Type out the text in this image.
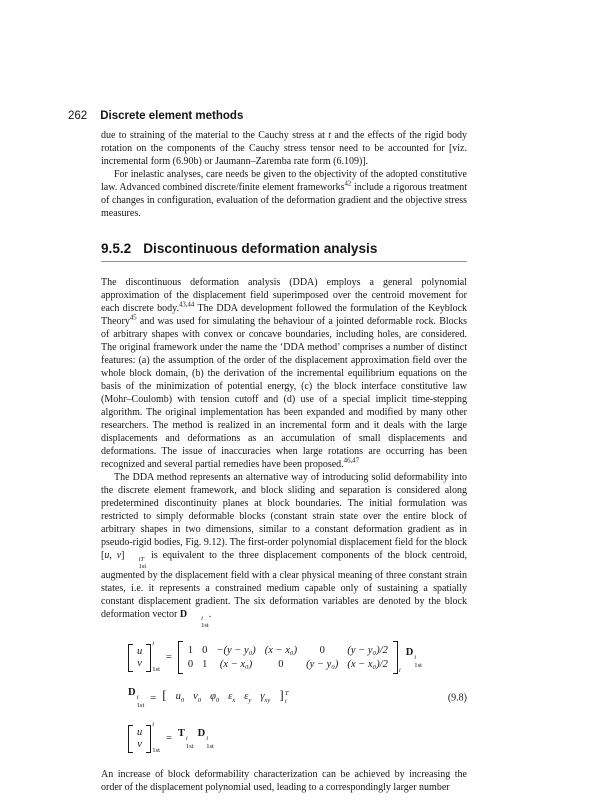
262 Discrete element methods

due to straining of the material to the Cauchy stress at t and the effects of the rigid body rotation on the components of the Cauchy stress tensor need to be accounted for [viz. incremental form (6.90b) or Jaumann–Zaremba rate form (6.109)].

For inelastic analyses, care needs be given to the objectivity of the adopted constitutive law. Advanced combined discrete/finite element frameworks$^{42}$ include a rigorous treatment of changes in configuration, evaluation of the deformation gradient and the objective stress measures.

9.5.2 Discontinuous deformation analysis

The discontinuous deformation analysis (DDA) employs a general polynomial approximation of the displacement field superimposed over the centroid movement for each discrete body.$^{43,44}$ The DDA development followed the formulation of the Keyblock Theory$^{45}$ and was used for simulating the behaviour of a jointed deformable rock. Blocks of arbitrary shapes with convex or concave boundaries, including holes, are considered. The original framework under the name the ‘DDA method’ comprises a number of distinct features: (a) the assumption of the order of the displacement approximation field over the whole block domain, (b) the derivation of the incremental equilibrium equations on the basis of the minimization of potential energy, (c) the block interface constitutive law (Mohr–Coulomb) with tension cutoff and (d) use of a special implicit time-stepping algorithm. The original implementation has been expanded and modified by many other researchers. The method is realized in an incremental form and it deals with the large displacements and deformations as an accumulation of small displacements and deformations. The issue of inaccuracies when large rotations are occurring has been recognized and several partial remedies have been proposed.$^{46,47}$

The DDA method represents an alternative way of introducing solid deformability into the discrete element framework, and block sliding and separation is considered along predetermined discontinuity planes at block boundaries. The initial formulation was restricted to simply deformable blocks (constant strain state over the entire block of arbitrary shapes in two dimensions, similar to a constant deformation gradient as in pseudo-rigid bodies, Fig. 9.12). The first-order polynomial displacement field for the block [u, v]	iT
1st
is equivalent to the three displacement components of the block centroid, augmented by the displacement field with a clear physical meaning of three constant strain states, i.e. it represents a constrained medium capable only of sustaining a spatially constant displacement gradient. The six deformation variables are denoted by the block deformation vector D	i
1st
.

u
v
i
1st
=
1 0 −(y − y₀) (x − x₀) 0 (y − y₀)/2
0 1 (x − x₀) 0 (y − y₀) (x − x₀)/2
i
D i
1st
D i
1st
= [ $u_0$ $v_0$ $\varphi_0$ $\varepsilon_x$ $\varepsilon_y$ $\gamma_{xy}$ ] T
i	(9.8)
u
v
i
1st
= T i
1st
D i
1st

An increase of block deformability characterization can be achieved by increasing the order of the displacement polynomial used, leading to a correspondingly larger number
